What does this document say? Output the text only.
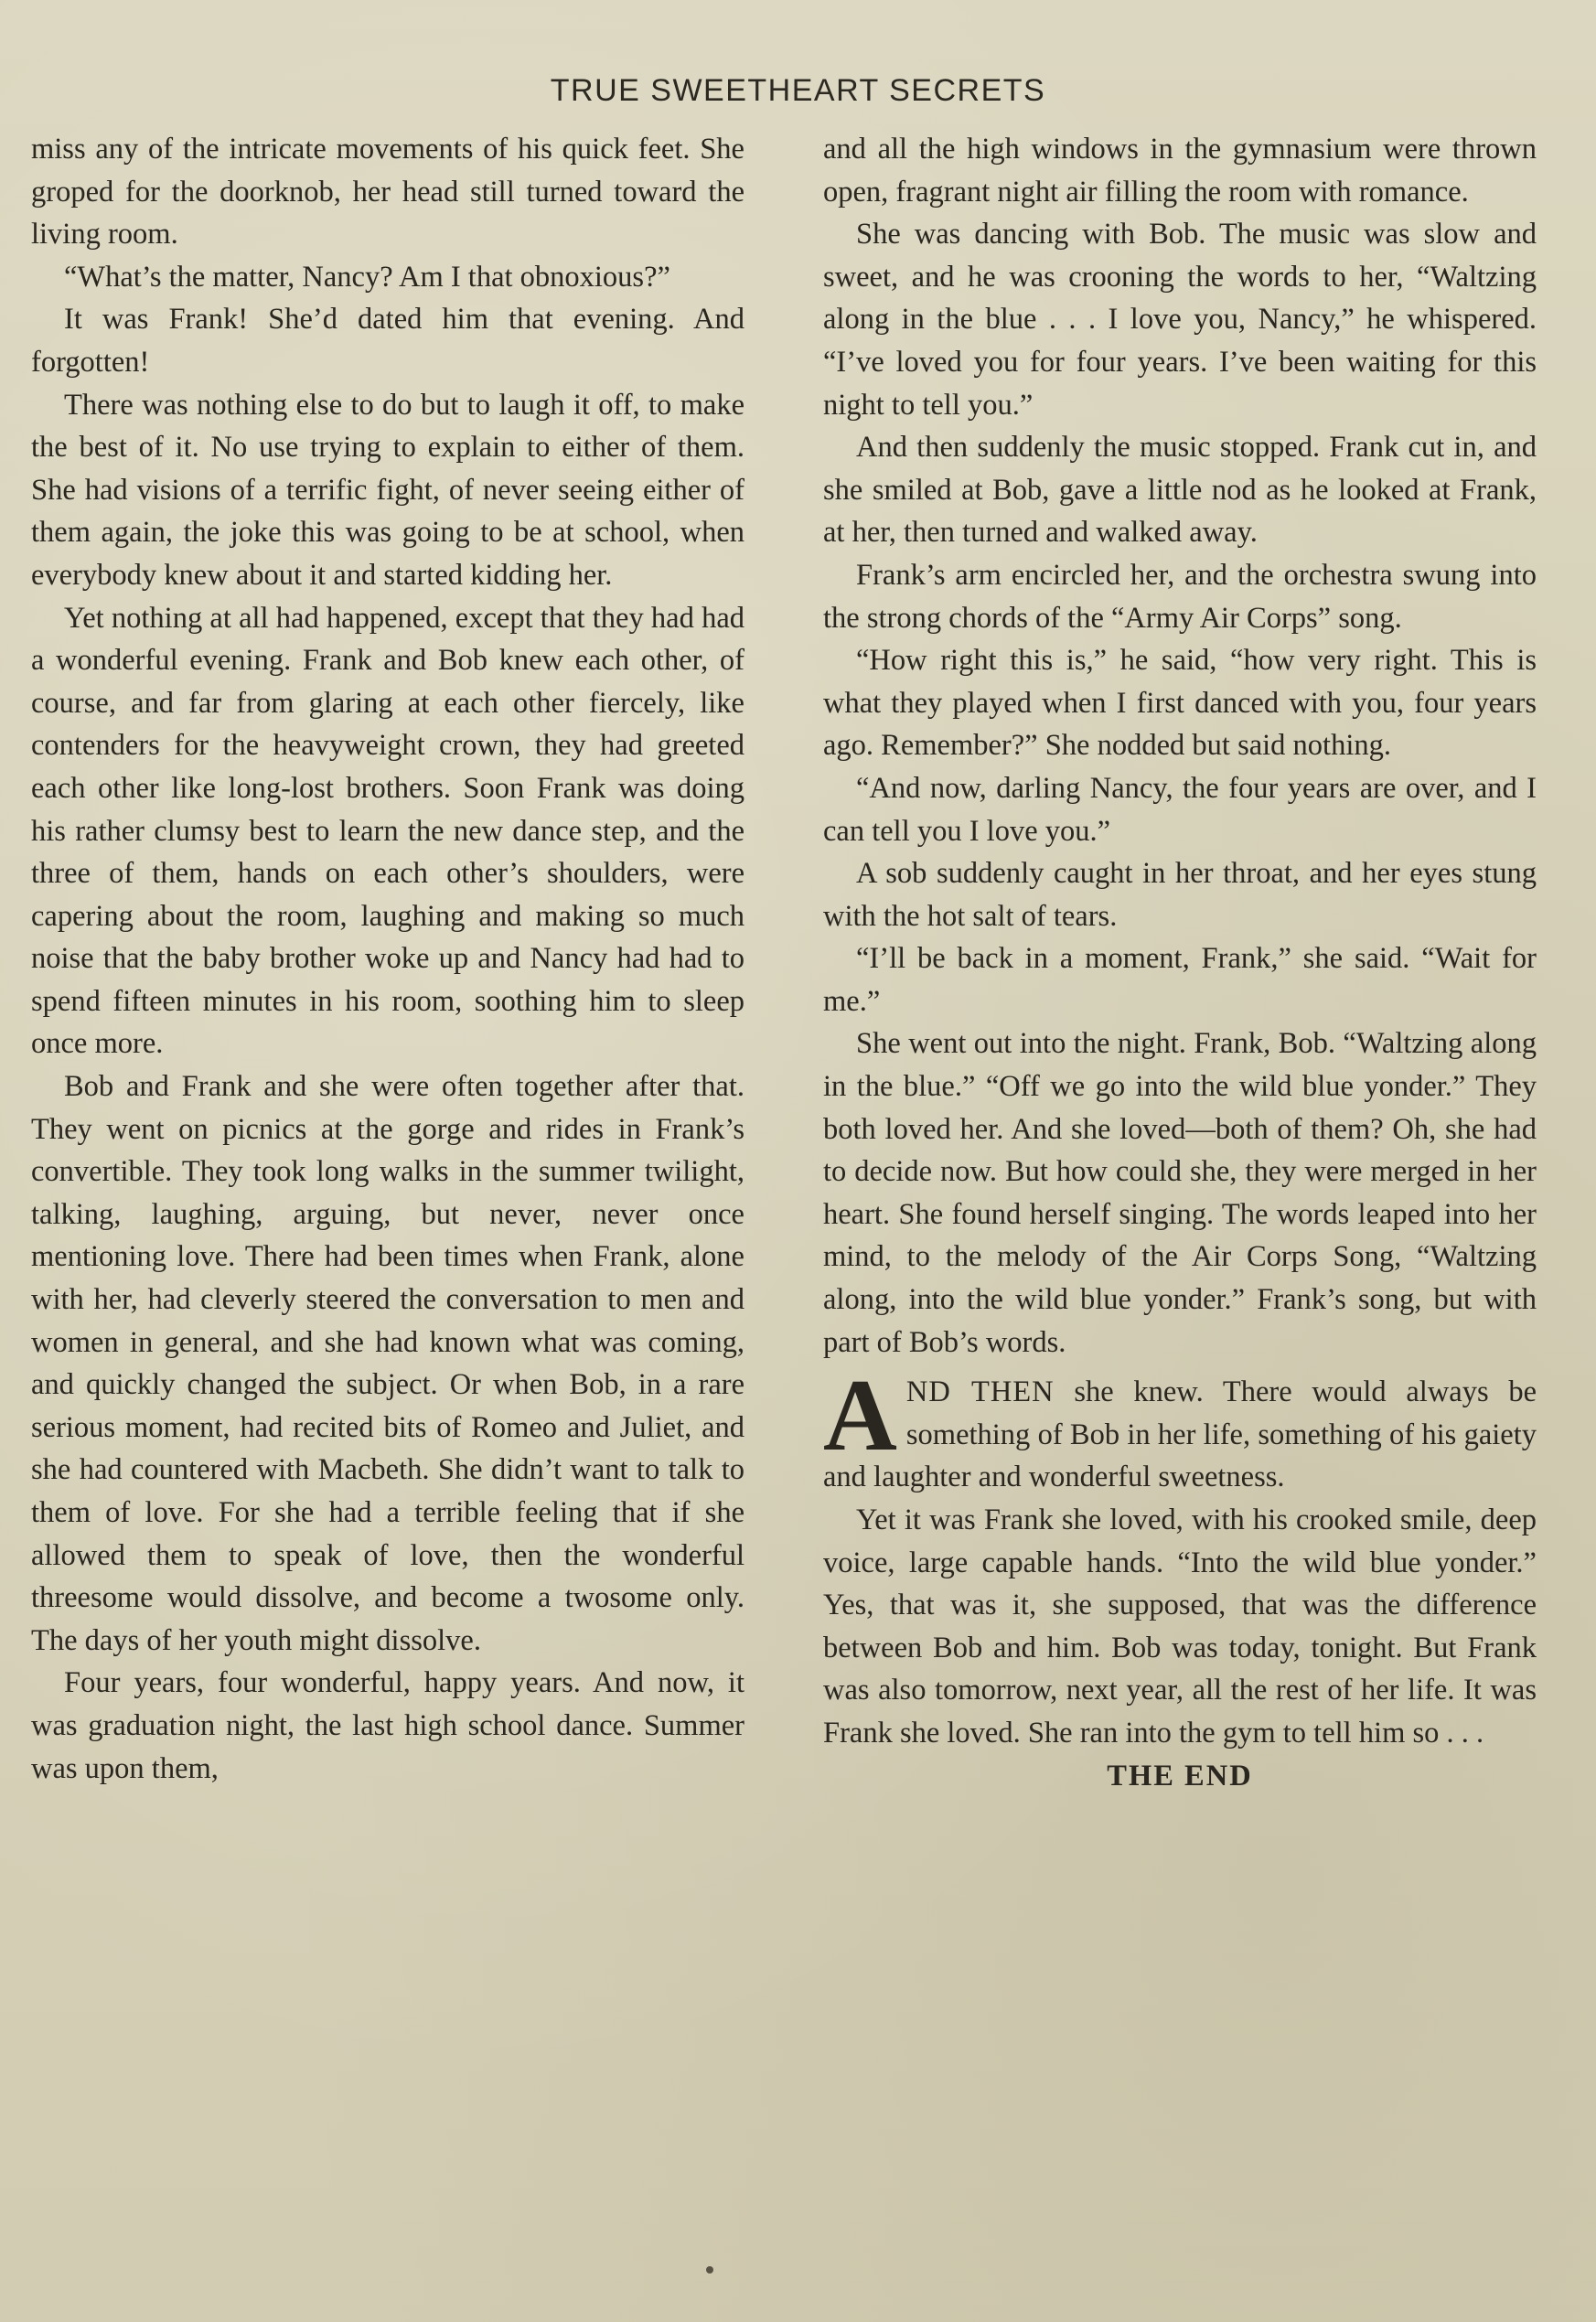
TRUE SWEETHEART SECRETS

miss any of the intricate movements of his quick feet. She groped for the doorknob, her head still turned toward the living room.

“What’s the matter, Nancy? Am I that obnoxious?”

It was Frank! She’d dated him that evening. And forgotten!

There was nothing else to do but to laugh it off, to make the best of it. No use trying to explain to either of them. She had visions of a terrific fight, of never seeing either of them again, the joke this was going to be at school, when everybody knew about it and started kidding her.

Yet nothing at all had happened, except that they had had a wonderful evening. Frank and Bob knew each other, of course, and far from glaring at each other fiercely, like contenders for the heavyweight crown, they had greeted each other like long-lost brothers. Soon Frank was doing his rather clumsy best to learn the new dance step, and the three of them, hands on each other’s shoulders, were capering about the room, laughing and making so much noise that the baby brother woke up and Nancy had had to spend fifteen minutes in his room, soothing him to sleep once more.

Bob and Frank and she were often together after that. They went on picnics at the gorge and rides in Frank’s convertible. They took long walks in the summer twilight, talking, laughing, arguing, but never, never once mentioning love. There had been times when Frank, alone with her, had cleverly steered the conversation to men and women in general, and she had known what was coming, and quickly changed the subject. Or when Bob, in a rare serious moment, had recited bits of Romeo and Juliet, and she had countered with Macbeth. She didn’t want to talk to them of love. For she had a terrible feeling that if she allowed them to speak of love, then the wonderful threesome would dissolve, and become a twosome only. The days of her youth might dissolve.

Four years, four wonderful, happy years. And now, it was graduation night, the last high school dance. Summer was upon them,

and all the high windows in the gymnasium were thrown open, fragrant night air filling the room with romance.

She was dancing with Bob. The music was slow and sweet, and he was crooning the words to her, “Waltzing along in the blue . . . I love you, Nancy,” he whispered. “I’ve loved you for four years. I’ve been waiting for this night to tell you.”

And then suddenly the music stopped. Frank cut in, and she smiled at Bob, gave a little nod as he looked at Frank, at her, then turned and walked away.

Frank’s arm encircled her, and the orchestra swung into the strong chords of the “Army Air Corps” song.

“How right this is,” he said, “how very right. This is what they played when I first danced with you, four years ago. Remember?” She nodded but said nothing.

“And now, darling Nancy, the four years are over, and I can tell you I love you.”

A sob suddenly caught in her throat, and her eyes stung with the hot salt of tears.

“I’ll be back in a moment, Frank,” she said. “Wait for me.”

She went out into the night. Frank, Bob. “Waltzing along in the blue.” “Off we go into the wild blue yonder.” They both loved her. And she loved—both of them? Oh, she had to decide now. But how could she, they were merged in her heart. She found herself singing. The words leaped into her mind, to the melody of the Air Corps Song, “Waltzing along, into the wild blue yonder.” Frank’s song, but with part of Bob’s words.

AND THEN she knew. There would always be something of Bob in her life, something of his gaiety and laughter and wonderful sweetness.

Yet it was Frank she loved, with his crooked smile, deep voice, large capable hands. “Into the wild blue yonder.” Yes, that was it, she supposed, that was the difference between Bob and him. Bob was today, tonight. But Frank was also tomorrow, next year, all the rest of her life. It was Frank she loved. She ran into the gym to tell him so . . .

THE END
